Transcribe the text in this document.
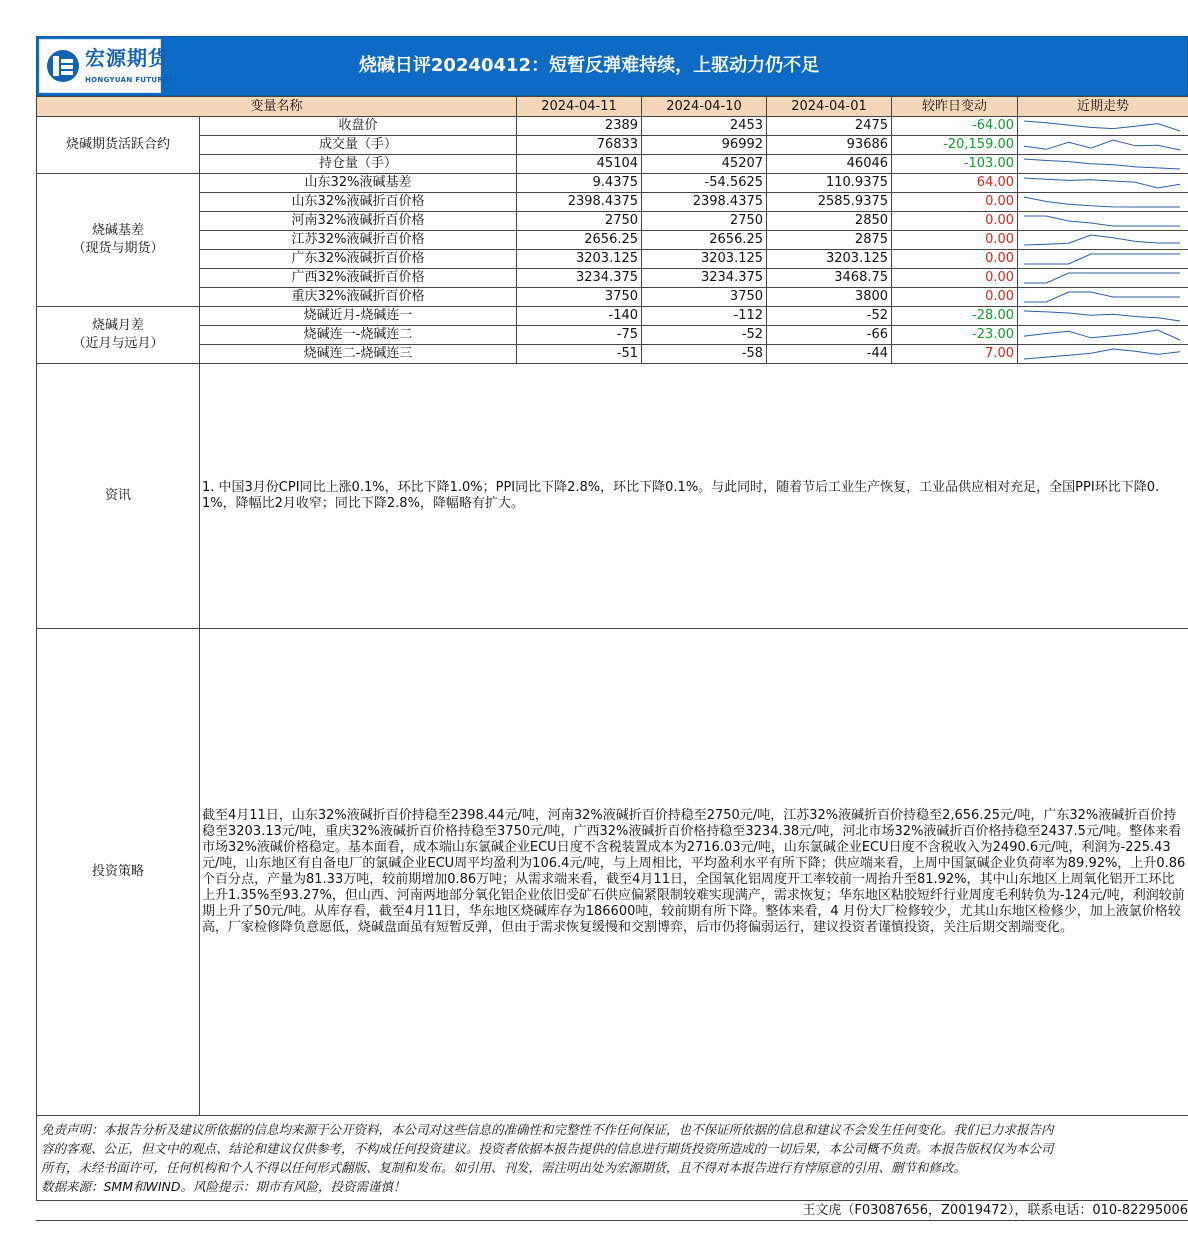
宏源期货
HONGYUAN FUTURES
烧碱日评20240412：短暂反弹难持续，上驱动力仍不足
变量名称		2024-04-11	2024-04-10	2024-04-01	较昨日变动	近期走势
烧碱期货活跃合约	收盘价	2389	2453	2475	-64.00	

	成交量（手）	76833	96992	93686	-20,159.00	

	持仓量（手）	45104	45207	46046	-103.00	

烧碱基差
（现货与期货）	山东32%液碱基差	9.4375	-54.5625	110.9375	64.00	

	山东32%液碱折百价格	2398.4375	2398.4375	2585.9375	0.00	

	河南32%液碱折百价格	2750	2750	2850	0.00	

	江苏32%液碱折百价格	2656.25	2656.25	2875	0.00	

	广东32%液碱折百价格	3203.125	3203.125	3203.125	0.00	

	广西32%液碱折百价格	3234.375	3234.375	3468.75	0.00	

	重庆32%液碱折百价格	3750	3750	3800	0.00	

烧碱月差
（近月与远月）	烧碱近月-烧碱连一	-140	-112	-52	-28.00	

	烧碱连一-烧碱连二	-75	-52	-66	-23.00	

	烧碱连二-烧碱连三	-51	-58	-44	7.00	

资讯	1. 中国3月份CPI同比上涨0.1%，环比下降1.0%；PPI同比下降2.8%，环比下降0.1%。与此同时，随着节后工业生产恢复，工业品供应相对充足，全国PPI环比下降0.1%，降幅比2月收窄；同比下降2.8%，降幅略有扩大。					
投资策略	截至4月11日，山东32%液碱折百价持稳至2398.44元/吨，河南32%液碱折百价持稳至2750元/吨，江苏32%液碱折百价持稳至2,656.25元/吨，广东32%液碱折百价持稳至3203.13元/吨，重庆32%液碱折百价格持稳至3750元/吨，广西32%液碱折百价格持稳至3234.38元/吨，河北市场32%液碱折百价格持稳至2437.5元/吨。整体来看市场32%液碱价格稳定。基本面看，成本端山东氯碱企业ECU日度不含税装置成本为2716.03元/吨，山东氯碱企业ECU日度不含税收入为2490.6元/吨，利润为-225.43元/吨，山东地区有自备电厂的氯碱企业ECU周平均盈利为106.4元/吨，与上周相比，平均盈利水平有所下降；供应端来看，上周中国氯碱企业负荷率为89.92%，上升0.86个百分点，产量为81.33万吨，较前期增加0.86万吨；从需求端来看，截至4月11日，全国氧化铝周度开工率较前一周抬升至81.92%，其中山东地区上周氧化铝开工环比上升1.35%至93.27%，但山西、河南两地部分氧化铝企业依旧受矿石供应偏紧限制较难实现满产，需求恢复；华东地区粘胶短纤行业周度毛利转负为-124元/吨，利润较前期上升了50元/吨。从库存看，截至4月11日，华东地区烧碱库存为186600吨，较前期有所下降。整体来看，4 月份大厂检修较少，尤其山东地区检修少，加上液氯价格较高，厂家检修降负意愿低，烧碱盘面虽有短暂反弹，但由于需求恢复缓慢和交割博弈，后市仍将偏弱运行，建议投资者谨慎投资，关注后期交割端变化。					
免责声明：本报告分析及建议所依据的信息均来源于公开资料，本公司对这些信息的准确性和完整性不作任何保证，也不保证所依据的信息和建议不会发生任何变化。我们已力求报告内
容的客观、公正，但文中的观点、结论和建议仅供参考，不构成任何投资建议。投资者依据本报告提供的信息进行期货投资所造成的一切后果，本公司概不负责。本报告版权仅为本公司
所有，未经书面许可，任何机构和个人不得以任何形式翻版、复制和发布。如引用、刊发，需注明出处为宏源期货，且不得对本报告进行有悖原意的引用、删节和修改。
数据来源：SMM和WIND。风险提示：期市有风险，投资需谨慎！
王文虎（F03087656，Z0019472），联系电话：010-82295006
